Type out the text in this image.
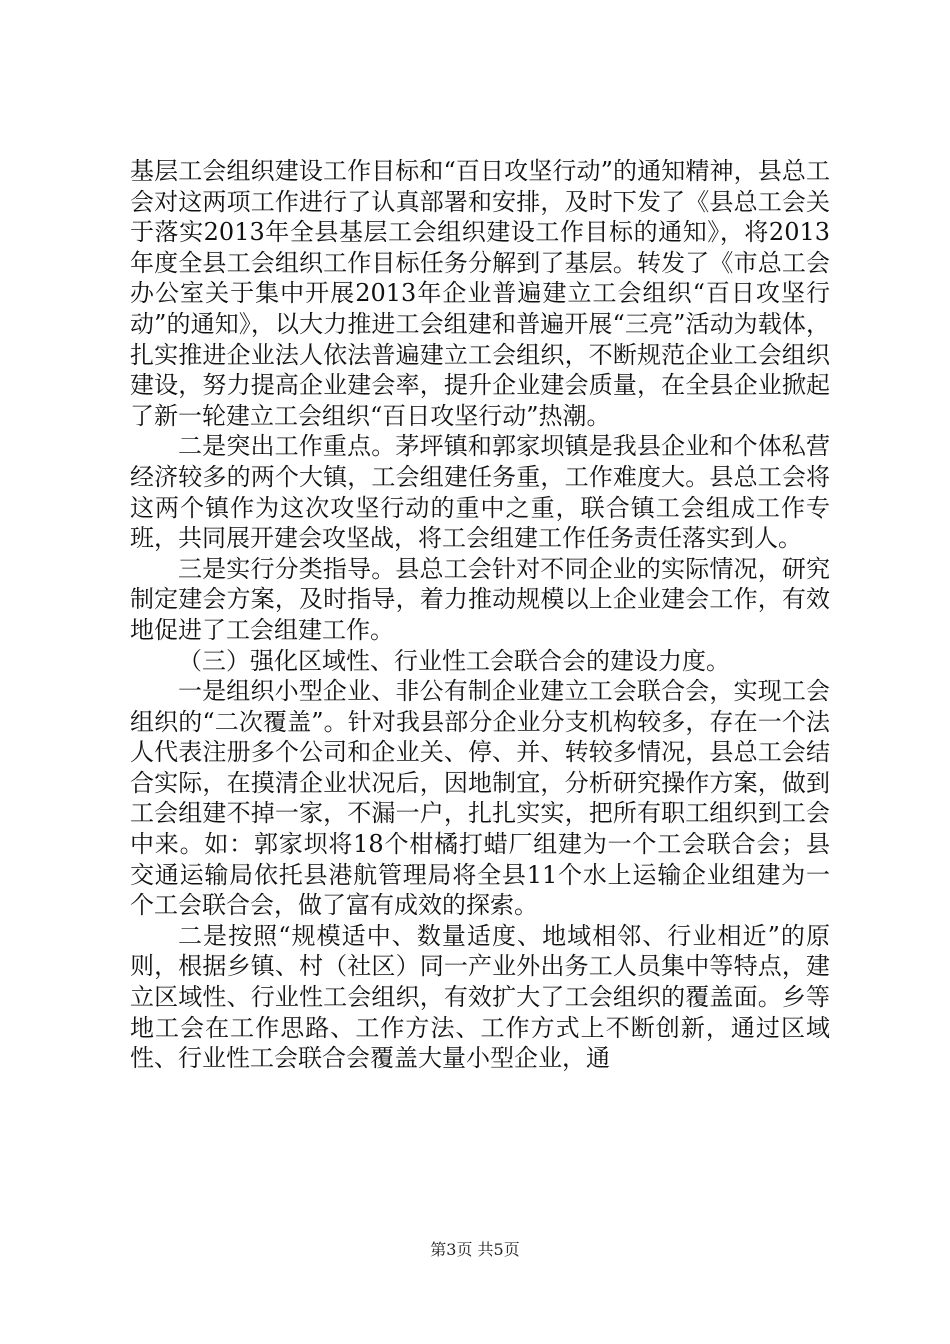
基层工会组织建设工作目标和“百日攻坚行动”的通知精神，县总工会对这两项工作进行了认真部署和安排，及时下发了《县总工会关于落实2013年全县基层工会组织建设工作目标的通知》，将2013年度全县工会组织工作目标任务分解到了基层。转发了《市总工会办公室关于集中开展2013年企业普遍建立工会组织“百日攻坚行动”的通知》，以大力推进工会组建和普遍开展“三亮”活动为载体，扎实推进企业法人依法普遍建立工会组织，不断规范企业工会组织建设，努力提高企业建会率，提升企业建会质量，在全县企业掀起了新一轮建立工会组织“百日攻坚行动”热潮。

二是突出工作重点。茅坪镇和郭家坝镇是我县企业和个体私营经济较多的两个大镇，工会组建任务重，工作难度大。县总工会将这两个镇作为这次攻坚行动的重中之重，联合镇工会组成工作专班，共同展开建会攻坚战，将工会组建工作任务责任落实到人。

三是实行分类指导。县总工会针对不同企业的实际情况，研究制定建会方案，及时指导，着力推动规模以上企业建会工作，有效地促进了工会组建工作。

（三）强化区域性、行业性工会联合会的建设力度。

一是组织小型企业、非公有制企业建立工会联合会，实现工会组织的“二次覆盖”。针对我县部分企业分支机构较多，存在一个法人代表注册多个公司和企业关、停、并、转较多情况，县总工会结合实际，在摸清企业状况后，因地制宜，分析研究操作方案，做到工会组建不掉一家，不漏一户，扎扎实实，把所有职工组织到工会中来。如：郭家坝将18个柑橘打蜡厂组建为一个工会联合会；县交通运输局依托县港航管理局将全县11个水上运输企业组建为一个工会联合会，做了富有成效的探索。

二是按照“规模适中、数量适度、地域相邻、行业相近”的原则，根据乡镇、村（社区）同一产业外出务工人员集中等特点，建立区域性、行业性工会组织，有效扩大了工会组织的覆盖面。乡等地工会在工作思路、工作方法、工作方式上不断创新，通过区域性、行业性工会联合会覆盖大量小型企业，通

第3页 共5页
